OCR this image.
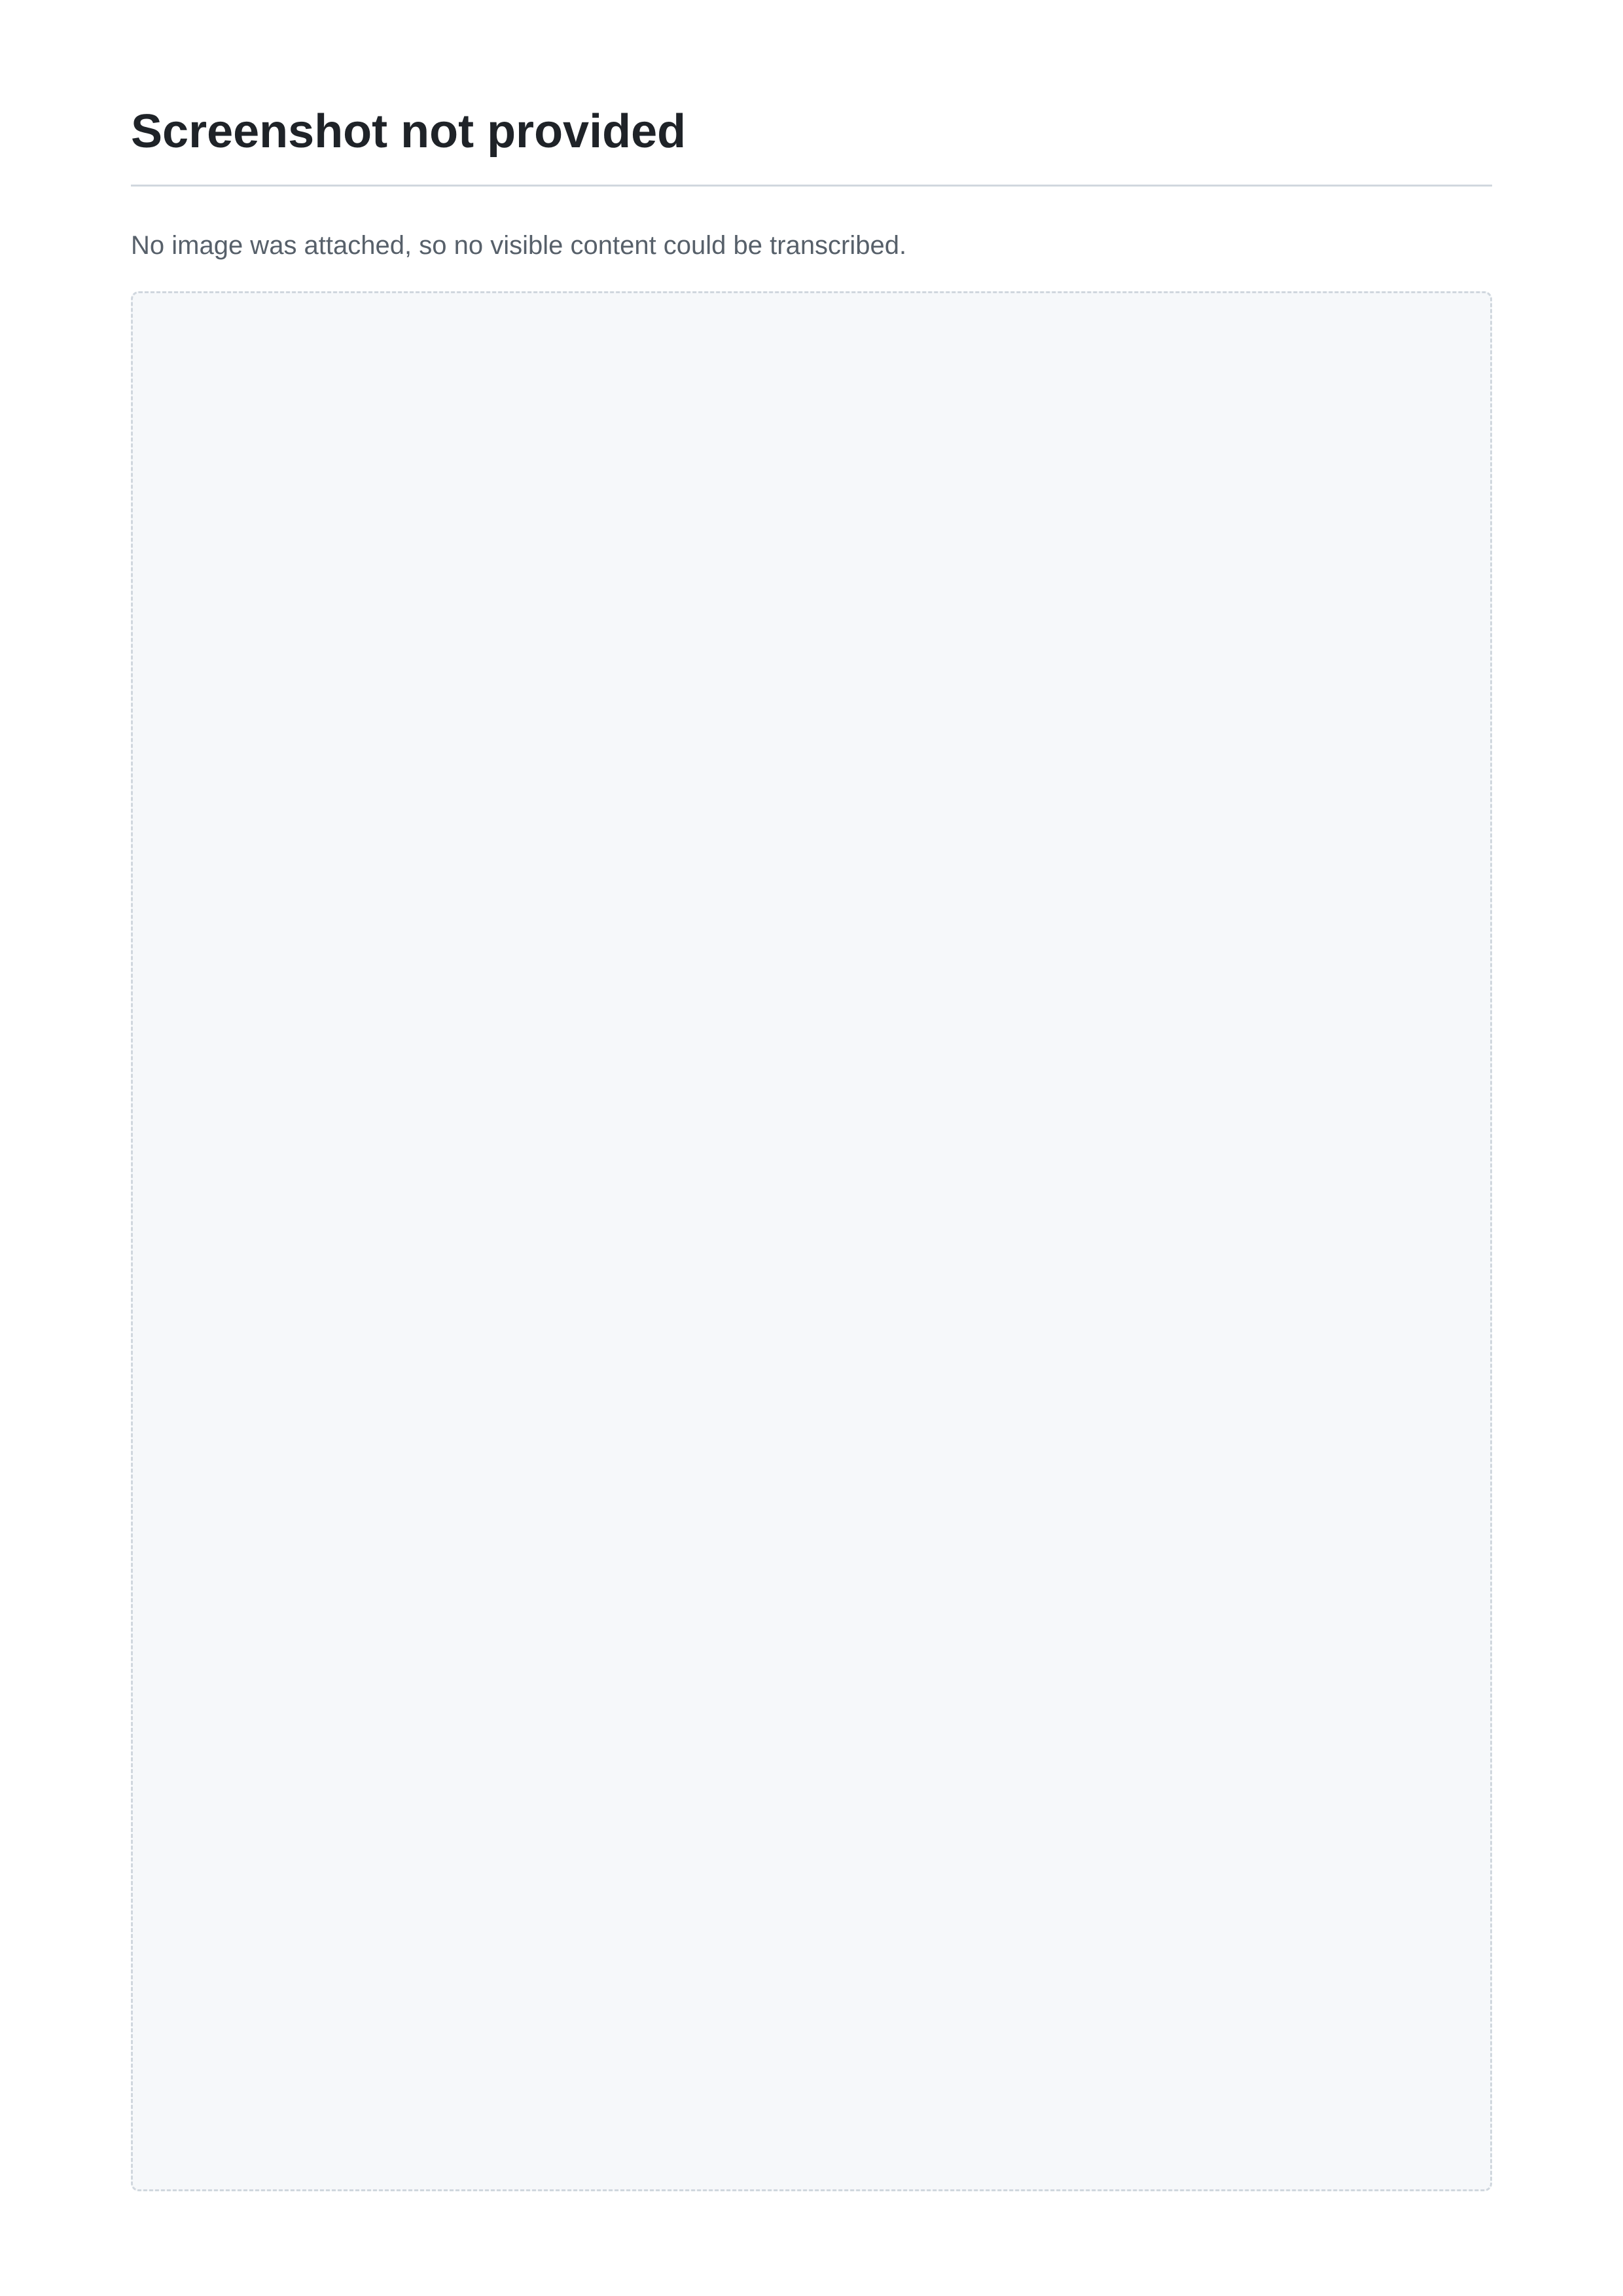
Screenshot not provided

No image was attached, so no visible content could be transcribed.
